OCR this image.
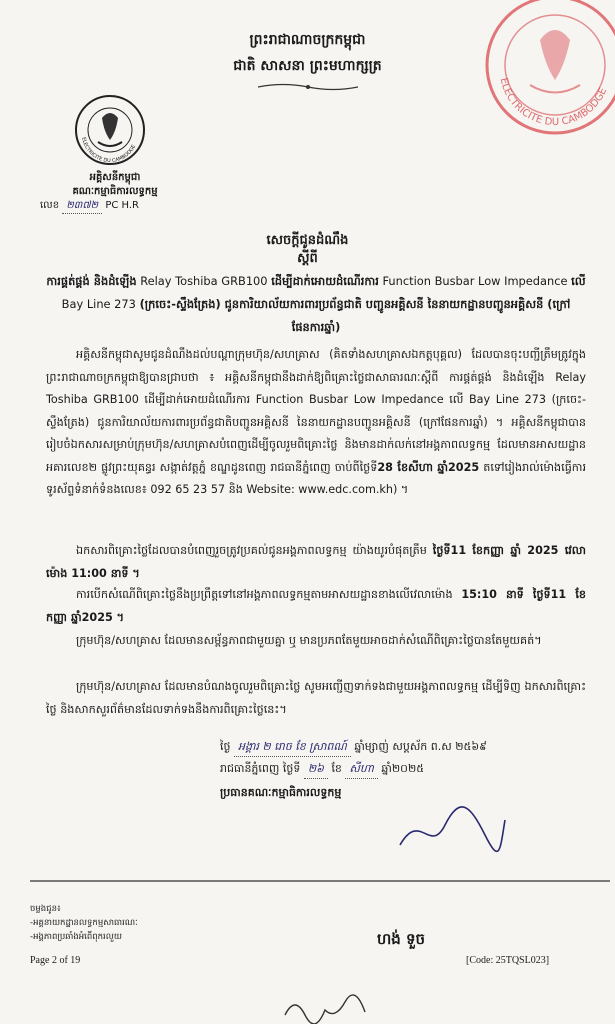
ELECTRICITE DU CAMBODGE
ព្រះរាជាណាចក្រកម្ពុជា
ជាតិ សាសនា ព្រះមហាក្សត្រ
ELECTRICITE DU CAMBODGE
អគ្គិសនីកម្ពុជា
គណៈកម្មាធិការលទ្ធកម្ម
លេខ ២៣៧២ PC H.R
សេចក្តីជូនដំណឹង
ស្តីពី
ការផ្គត់ផ្គង់ និងដំឡើង Relay Toshiba GRB100 ដើម្បីដាក់អោយដំណើរការ Function Busbar Low Impedance លើ Bay Line 273 (ក្រចេះ-ស្ទឹងត្រែង) ជូនការិយាល័យការពារប្រព័ន្ធជាតិ បញ្ជូនអគ្គិសនី នៃនាយកដ្ឋានបញ្ជូនអគ្គិសនី (ក្រៅផែនការឆ្នាំ)
អគ្គិសនីកម្ពុជាសូមជូនដំណឹងដល់បណ្តាក្រុមហ៊ុន/សហគ្រាស (គិតទាំងសហគ្រាសឯកត្តបុគ្គល) ដែលបានចុះបញ្ជីត្រឹមត្រូវក្នុងព្រះរាជាណាចក្រកម្ពុជាឱ្យបានជ្រាបថា ៖ អគ្គិសនីកម្ពុជានឹងដាក់ឱ្យពិគ្រោះថ្លៃជាសាធារណៈស្តីពី ការផ្គត់ផ្គង់ និងដំឡើង Relay Toshiba GRB100 ដើម្បីដាក់អោយដំណើរការ Function Busbar Low Impedance លើ Bay Line 273 (ក្រចេះ-ស្ទឹងត្រែង) ជូនការិយាល័យការពារប្រព័ន្ធជាតិបញ្ជូនអគ្គិសនី នៃនាយកដ្ឋានបញ្ជូនអគ្គិសនី (ក្រៅផែនការឆ្នាំ) ។ អគ្គិសនីកម្ពុជាបានរៀបចំឯកសារសម្រាប់ក្រុមហ៊ុន/សហគ្រាសបំពេញដើម្បីចូលរួមពិគ្រោះថ្លៃ និងមានដាក់លក់នៅអង្គភាពលទ្ធកម្ម ដែលមានអាសយដ្ឋាន អគារលេខ២ ផ្លូវព្រះយុគន្ធរ សង្កាត់វត្តភ្នំ ខណ្ឌដូនពេញ រាជធានីភ្នំពេញ ចាប់ពីថ្ងៃទី28 ខែសីហា ឆ្នាំ2025 តទៅរៀងរាល់ម៉ោងធ្វើការ ទូរស័ព្ទទំនាក់ទំនងលេខ៖ 092 65 23 57 និង Website: www.edc.com.kh) ។
ឯកសារពិគ្រោះថ្លៃដែលបានបំពេញរួចត្រូវប្រគល់ជូនអង្គភាពលទ្ធកម្ម យ៉ាងយូរបំផុតត្រឹម ថ្ងៃទី11 ខែកញ្ញា ឆ្នាំ 2025 វេលាម៉ោង 11:00 នាទី ។
ការបើកសំណើពិគ្រោះថ្លៃនឹងប្រព្រឹត្តទៅនៅអង្គភាពលទ្ធកម្មតាមអាសយដ្ឋានខាងលើវេលាម៉ោង 15:10 នាទី ថ្ងៃទី11 ខែកញ្ញា ឆ្នាំ2025 ។
ក្រុមហ៊ុន/សហគ្រាស ដែលមានសម្ព័ន្ធភាពជាមួយគ្នា ឬ មានប្រភពតែមួយអាចដាក់សំណើពិគ្រោះថ្លៃបានតែមួយគត់។
ក្រុមហ៊ុន/សហគ្រាស ដែលមានបំណងចូលរួមពិគ្រោះថ្លៃ សូមអញ្ជើញទាក់ទងជាមួយអង្គភាពលទ្ធកម្ម ដើម្បីទិញ ឯកសារពិគ្រោះថ្លៃ និងសាកសួរព័ត៌មានដែលទាក់ទងនឹងការពិគ្រោះថ្លៃនេះ។
ថ្ងៃ អង្គារ ២ រោច ខែ ស្រាពណ៍ ឆ្នាំម្សាញ់ សប្តស័ក ព.ស ២៥៦៩
រាជធានីភ្នំពេញ ថ្ងៃទី ២៦ ខែ សីហា ឆ្នាំ២០២៥
ប្រធានគណៈកម្មាធិការលទ្ធកម្ម
ចម្លងជូន៖
-អគ្គនាយកដ្ឋានលទ្ធកម្មសាធារណៈ
-អង្គភាពប្រឆាំងអំពើពុករលួយ	ហង់ ទួច
Page 2 of 19	[Code: 25TQSL023]
